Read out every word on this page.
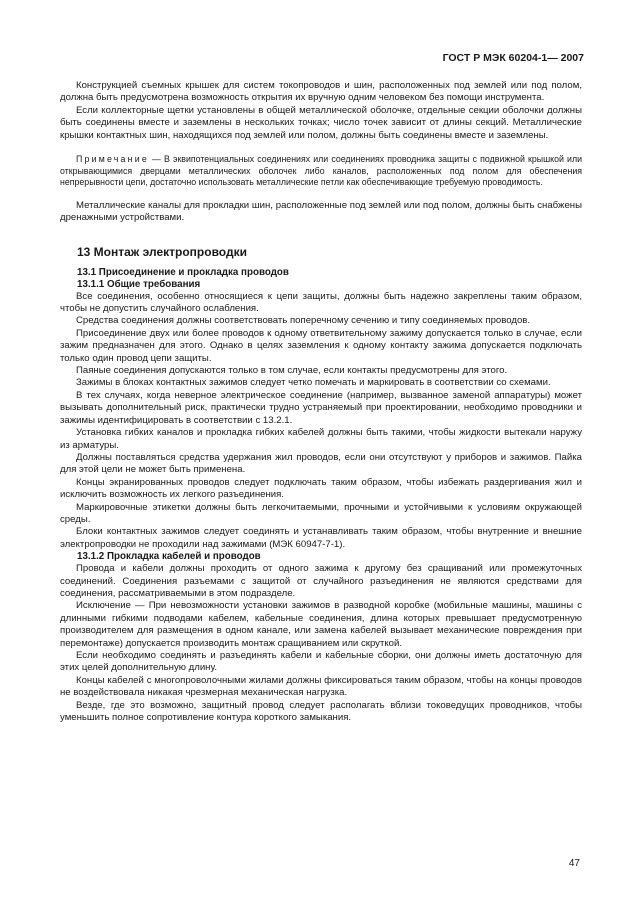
ГОСТ Р МЭК 60204-1— 2007

Конструкцией съемных крышек для систем токопроводов и шин, расположенных под землей или под полом, должна быть предусмотрена возможность открытия их вручную одним человеком без помощи инструмента.

Если коллекторные щетки установлены в общей металлической оболочке, отдельные секции оболочки должны быть соединены вместе и заземлены в нескольких точках; число точек зависит от длины секций. Металлические крышки контактных шин, находящихся под землей или полом, должны быть соединены вместе и заземлены.

Примечание — В эквипотенциальных соединениях или соединениях проводника защиты с подвижной крышкой или открывающимися дверцами металлических оболочек либо каналов, расположенных под полом для обеспечения непрерывности цепи, достаточно использовать металлические петли как обеспечивающие требуемую проводимость.

Металлические каналы для прокладки шин, расположенные под землей или под полом, должны быть снабжены дренажными устройствами.

13 Монтаж электропроводки
13.1 Присоединение и прокладка проводов
13.1.1 Общие требования

Все соединения, особенно относящиеся к цепи защиты, должны быть надежно закреплены таким образом, чтобы не допустить случайного ослабления.

Средства соединения должны соответствовать поперечному сечению и типу соединяемых проводов.

Присоединение двух или более проводов к одному ответвительному зажиму допускается только в случае, если зажим предназначен для этого. Однако в целях заземления к одному контакту зажима допускается подключать только один провод цепи защиты.

Паяные соединения допускаются только в том случае, если контакты предусмотрены для этого.

Зажимы в блоках контактных зажимов следует четко помечать и маркировать в соответствии со схемами.

В тех случаях, когда неверное электрическое соединение (например, вызванное заменой аппаратуры) может вызывать дополнительный риск, практически трудно устраняемый при проектировании, необходимо проводники и зажимы идентифицировать в соответствии с 13.2.1.

Установка гибких каналов и прокладка гибких кабелей должны быть такими, чтобы жидкости вытекали наружу из арматуры.

Должны поставляться средства удержания жил проводов, если они отсутствуют у приборов и зажимов. Пайка для этой цели не может быть применена.

Концы экранированных проводов следует подключать таким образом, чтобы избежать раздергивания жил и исключить возможность их легкого разъединения.

Маркировочные этикетки должны быть легкочитаемыми, прочными и устойчивыми к условиям окружающей среды.

Блоки контактных зажимов следует соединять и устанавливать таким образом, чтобы внутренние и внешние электропроводки не проходили над зажимами (МЭК 60947-7-1).

13.1.2 Прокладка кабелей и проводов

Провода и кабели должны проходить от одного зажима к другому без сращиваний или промежуточных соединений. Соединения разъемами с защитой от случайного разъединения не являются средствами для соединения, рассматриваемыми в этом подразделе.

Исключение — При невозможности установки зажимов в разводной коробке (мобильные машины, машины с длинными гибкими подводами кабелем, кабельные соединения, длина которых превышает предусмотренную производителем для размещения в одном канале, или замена кабелей вызывает механические повреждения при перемонтаже) допускается производить монтаж сращиванием или скруткой.

Если необходимо соединять и разъединять кабели и кабельные сборки, они должны иметь достаточную для этих целей дополнительную длину.

Концы кабелей с многопроволочными жилами должны фиксироваться таким образом, чтобы на концы проводов не воздействовала никакая чрезмерная механическая нагрузка.

Везде, где это возможно, защитный провод следует располагать вблизи токоведущих проводников, чтобы уменьшить полное сопротивление контура короткого замыкания.

47
